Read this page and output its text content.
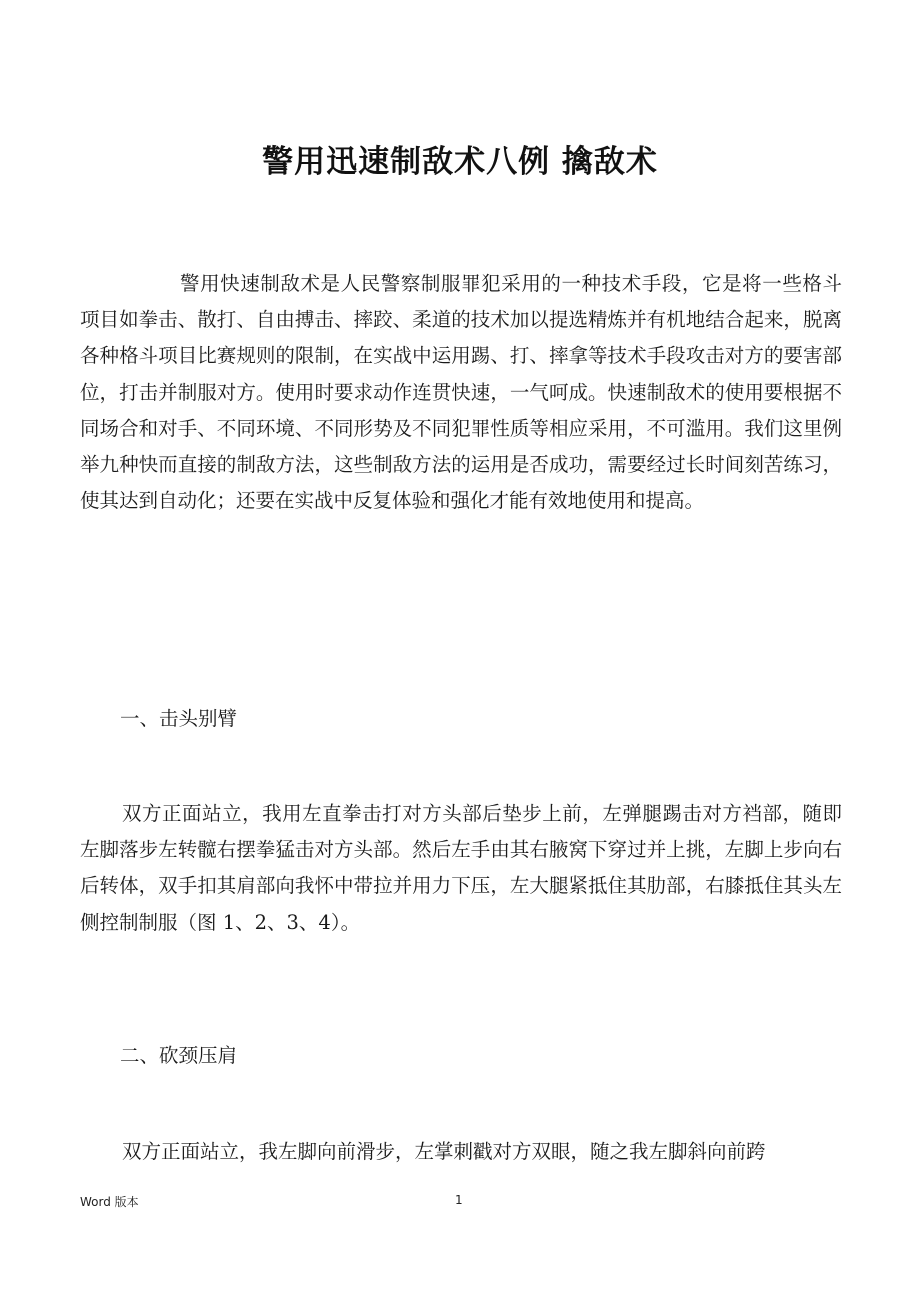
警用迅速制敌术八例 擒敌术

警用快速制敌术是人民警察制服罪犯采用的一种技术手段，它是将一些格斗项目如拳击、散打、自由搏击、摔跤、柔道的技术加以提选精炼并有机地结合起来，脱离各种格斗项目比赛规则的限制，在实战中运用踢、打、摔拿等技术手段攻击对方的要害部位，打击并制服对方。使用时要求动作连贯快速，一气呵成。快速制敌术的使用要根据不同场合和对手、不同环境、不同形势及不同犯罪性质等相应采用，不可滥用。我们这里例举九种快而直接的制敌方法，这些制敌方法的运用是否成功，需要经过长时间刻苦练习，使其达到自动化；还要在实战中反复体验和强化才能有效地使用和提高。

一、击头别臂

双方正面站立，我用左直拳击打对方头部后垫步上前，左弹腿踢击对方裆部，随即左脚落步左转髋右摆拳猛击对方头部。然后左手由其右腋窝下穿过并上挑，左脚上步向右后转体，双手扣其肩部向我怀中带拉并用力下压，左大腿紧抵住其肋部，右膝抵住其头左侧控制制服（图 1、2、3、4）。

二、砍颈压肩

双方正面站立，我左脚向前滑步，左掌刺戳对方双眼，随之我左脚斜向前跨

Word 版本	1
